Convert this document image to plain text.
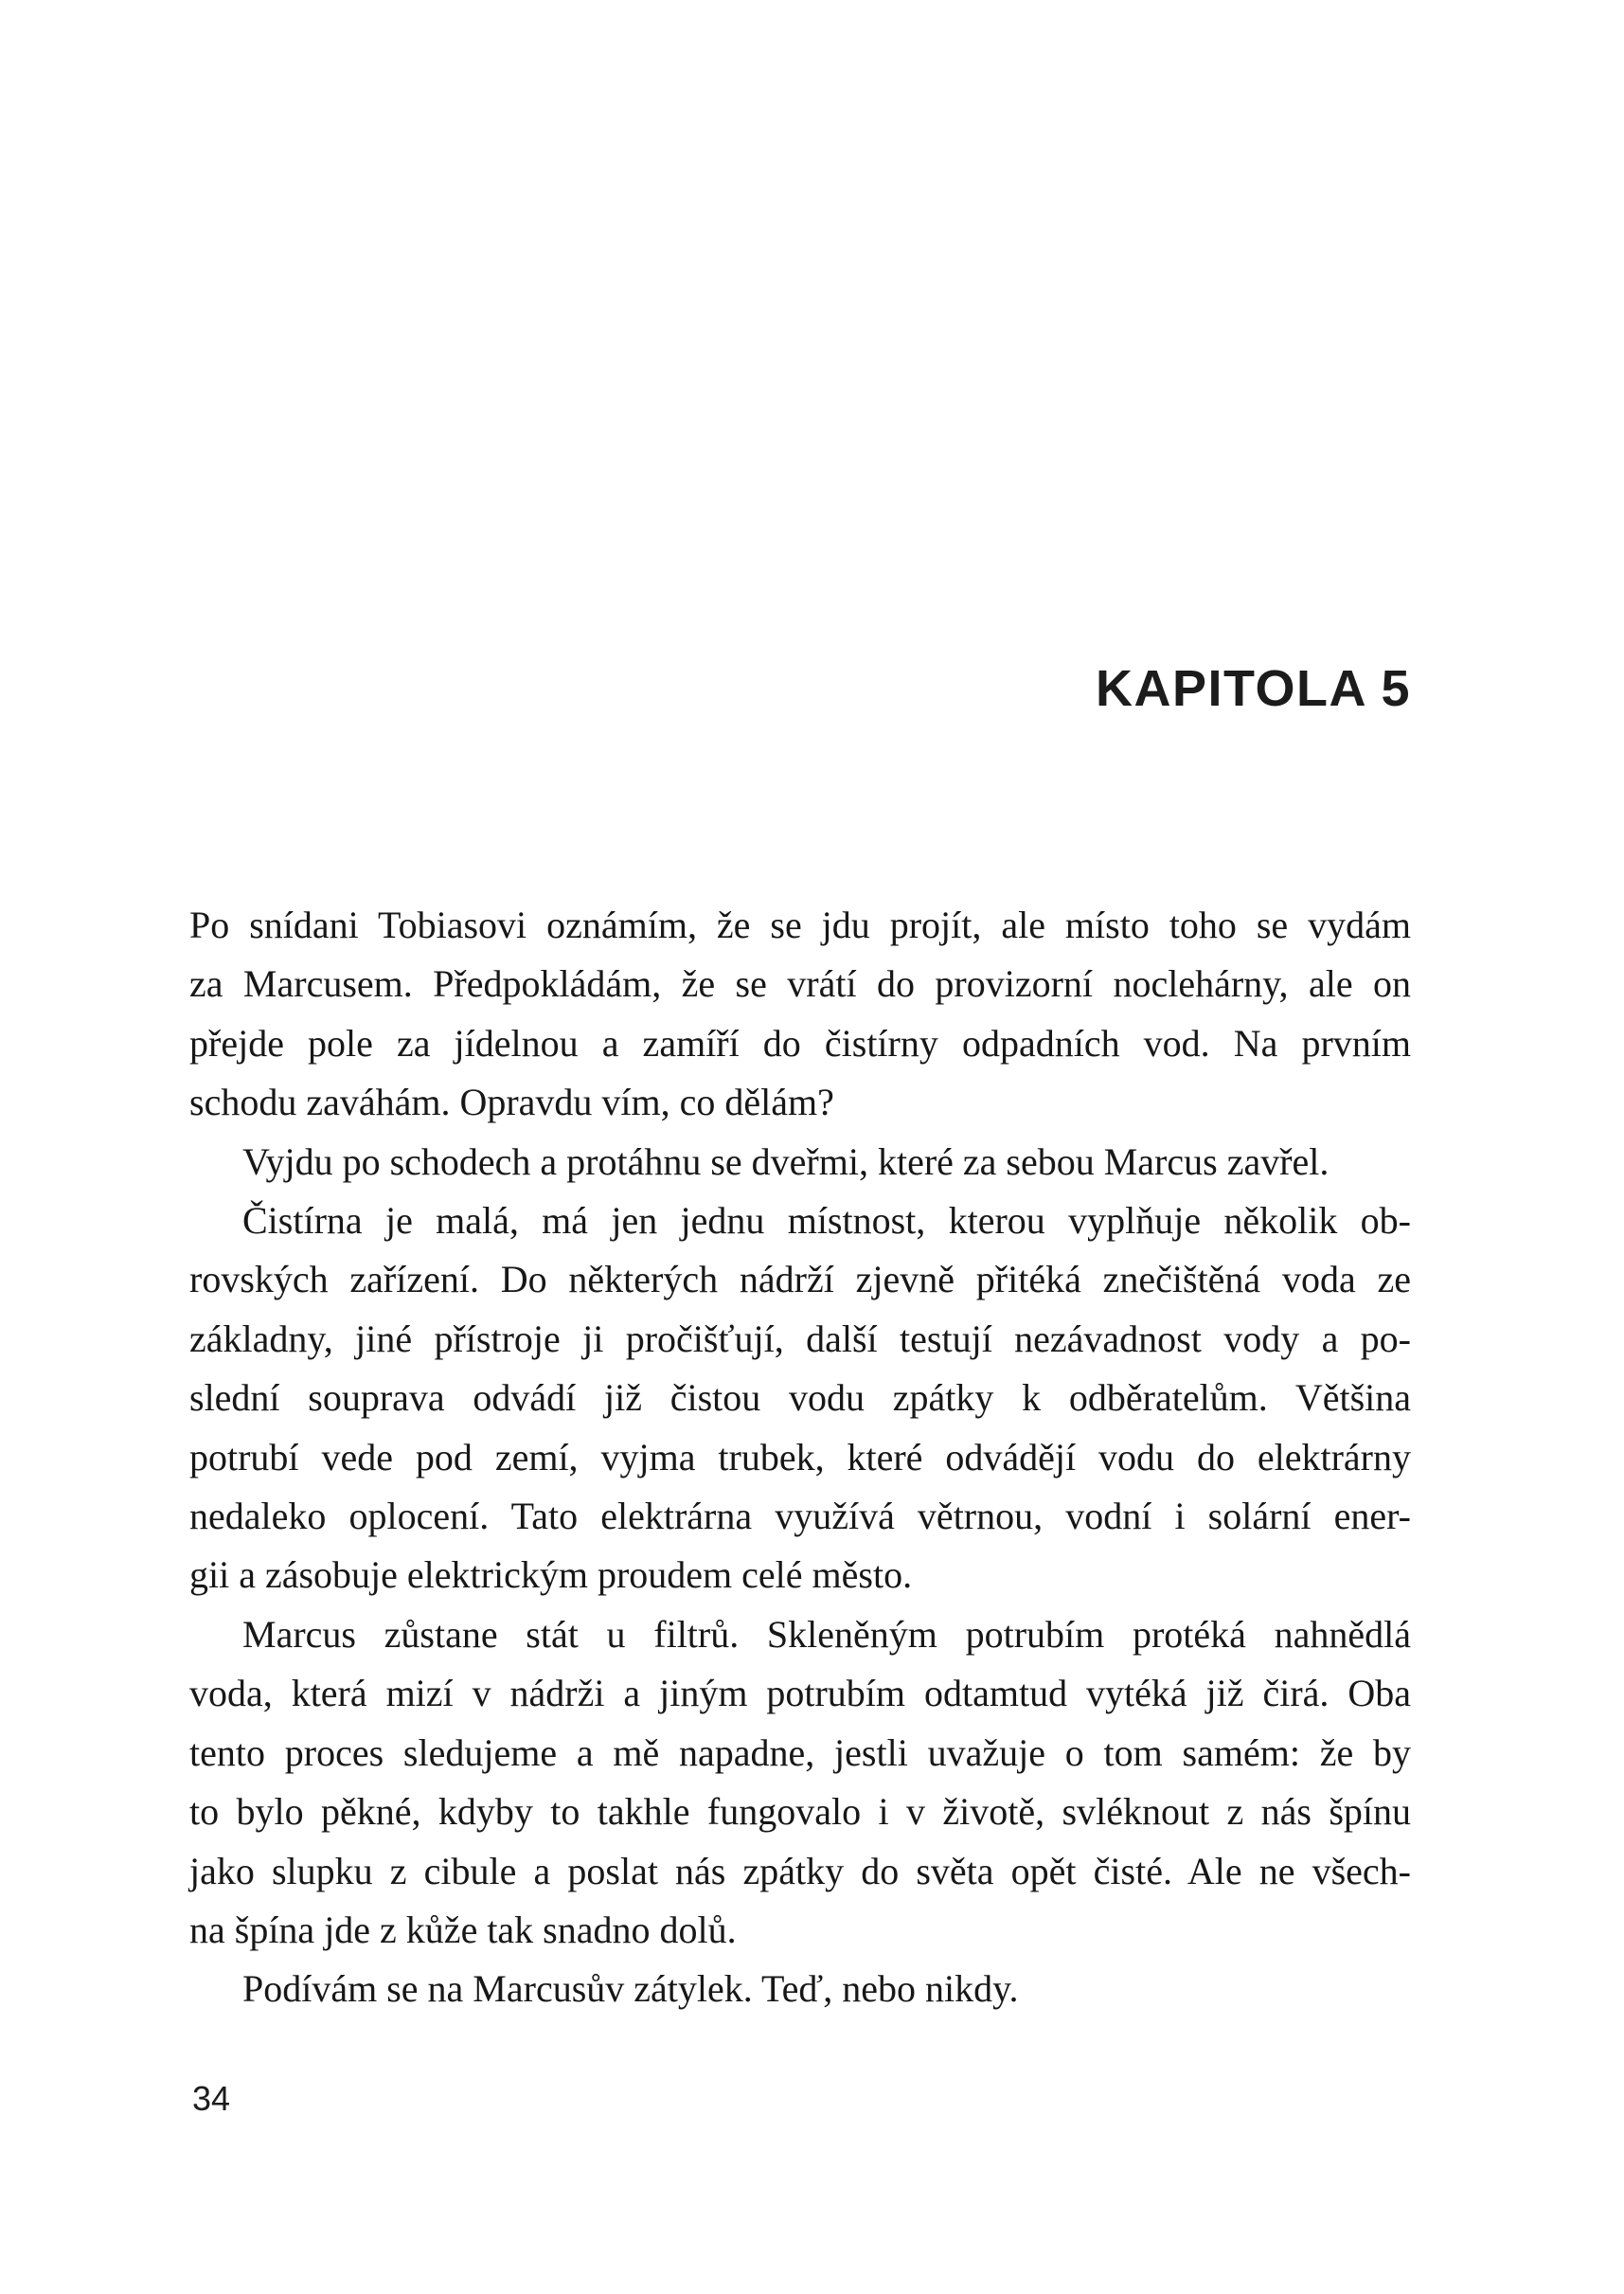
KAPITOLA 5
Po snídani Tobiasovi oznámím, že se jdu projít, ale místo toho se vydám
za Marcusem. Předpokládám, že se vrátí do provizorní noclehárny, ale on
přejde pole za jídelnou a zamíří do čistírny odpadních vod. Na prvním
schodu zaváhám. Opravdu vím, co dělám?
Vyjdu po schodech a protáhnu se dveřmi, které za sebou Marcus zavřel.
Čistírna je malá, má jen jednu místnost, kterou vyplňuje několik ob-
rovských zařízení. Do některých nádrží zjevně přitéká znečištěná voda ze
základny, jiné přístroje ji pročišťují, další testují nezávadnost vody a po-
slední souprava odvádí již čistou vodu zpátky k odběratelům. Většina
potrubí vede pod zemí, vyjma trubek, které odvádějí vodu do elektrárny
nedaleko oplocení. Tato elektrárna využívá větrnou, vodní i solární ener-
gii a zásobuje elektrickým proudem celé město.
Marcus zůstane stát u filtrů. Skleněným potrubím protéká nahnědlá
voda, která mizí v nádrži a jiným potrubím odtamtud vytéká již čirá. Oba
tento proces sledujeme a mě napadne, jestli uvažuje o tom samém: že by
to bylo pěkné, kdyby to takhle fungovalo i v životě, svléknout z nás špínu
jako slupku z cibule a poslat nás zpátky do světa opět čisté. Ale ne všech-
na špína jde z kůže tak snadno dolů.
Podívám se na Marcusův zátylek. Teď, nebo nikdy.
34
